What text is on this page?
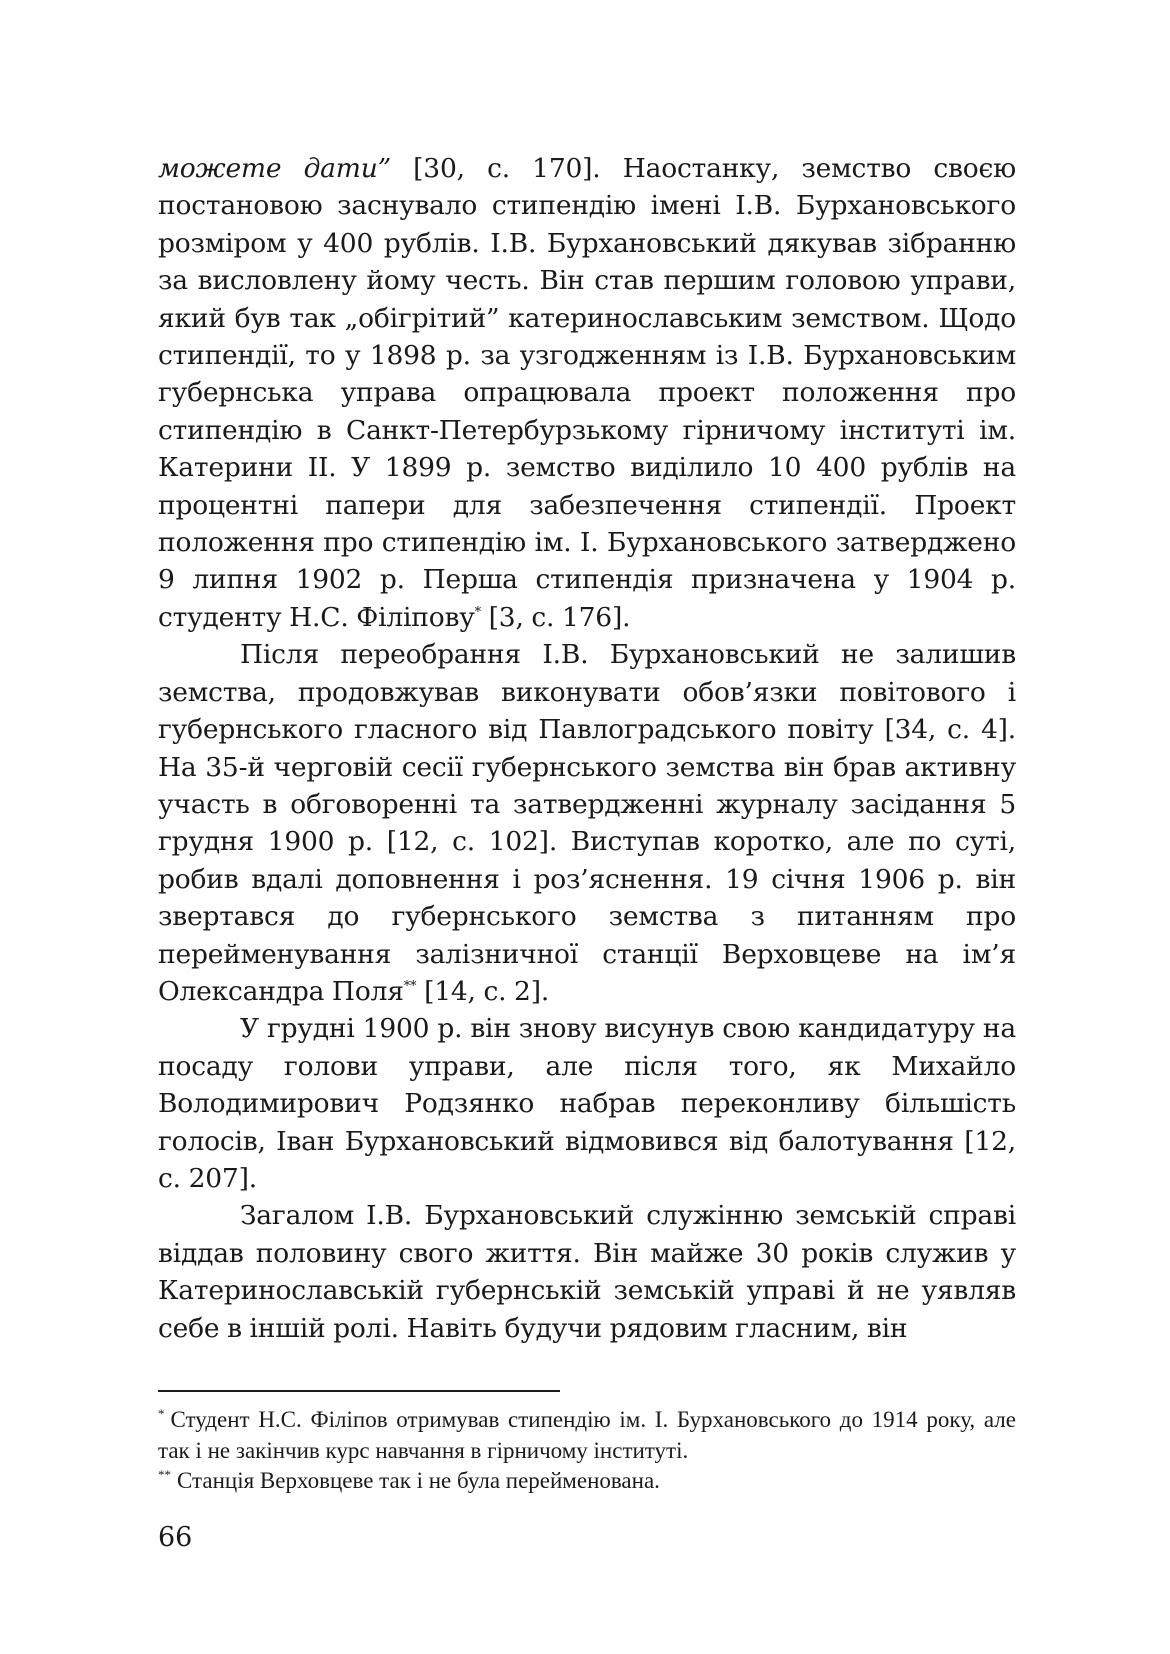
можете дати” [30, с. 170]. Наостанку, земство своєю постановою заснувало стипендію імені І.В. Бурхановського розміром у 400 рублів. І.В. Бурхановський дякував зібранню за висловлену йому честь. Він став першим головою управи, який був так „обігрітий” катеринославським земством. Щодо стипендії, то у 1898 р. за узгодженням із І.В. Бурхановським губернська управа опрацювала проект положення про стипендію в Санкт-Петербурзькому гірничому інституті ім. Катерини ІІ. У 1899 р. земство виділило 10 400 рублів на процентні папери для забезпечення стипендії. Проект положення про стипендію ім. І. Бурхановського затверджено 9 липня 1902 р. Перша стипендія призначена у 1904 р. студенту Н.С. Філіпову* [3, с. 176].

Після переобрання І.В. Бурхановський не залишив земства, продовжував виконувати обов’язки повітового і губернського гласного від Павлоградського повіту [34, с. 4]. На 35-й черговій сесії губернського земства він брав активну участь в обговоренні та затвердженні журналу засідання 5 грудня 1900 р. [12, с. 102]. Виступав коротко, але по суті, робив вдалі доповнення і роз’яснення. 19 січня 1906 р. він звертався до губернського земства з питанням про перейменування залізничної станції Верховцеве на ім’я Олександра Поля** [14, с. 2].

У грудні 1900 р. він знову висунув свою кандидатуру на посаду голови управи, але після того, як Михайло Володимирович Родзянко набрав переконливу більшість голосів, Іван Бурхановський відмовився від балотування [12, с. 207].

Загалом І.В. Бурхановський служінню земській справі віддав половину свого життя. Він майже 30 років служив у Катеринославській губернській земській управі й не уявляв себе в іншій ролі. Навіть будучи рядовим гласним, він

* Студент Н.С. Філіпов отримував стипендію ім. І. Бурхановського до 1914 року, але так і не закінчив курс навчання в гірничому інституті.

** Станція Верховцеве так і не була перейменована.

66
